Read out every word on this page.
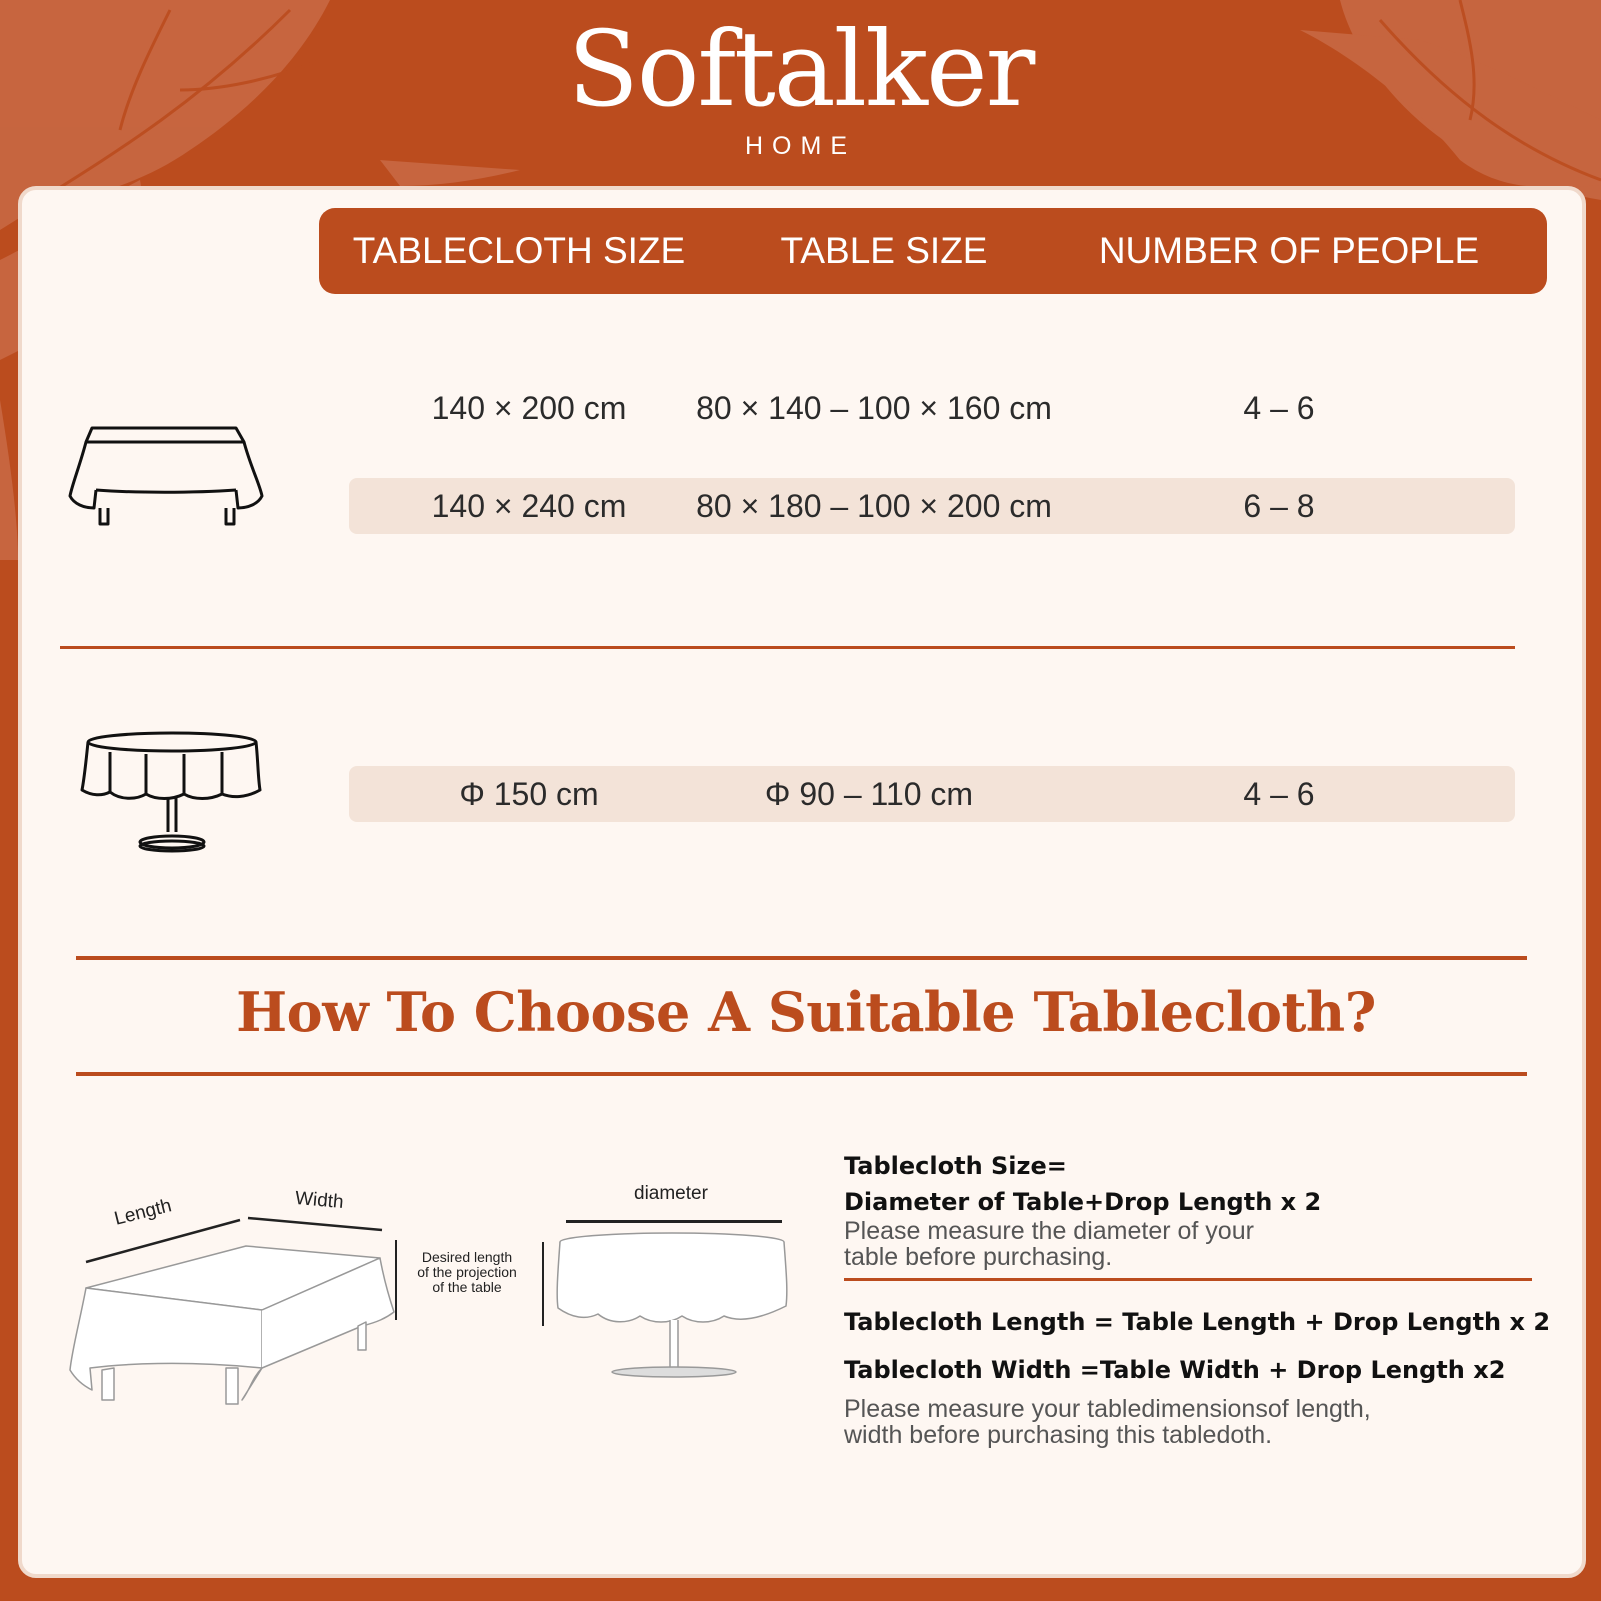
Softalker
HOME
TABLECLOTH SIZE	TABLE SIZE	NUMBER OF PEOPLE
140 × 200 cm	80 × 140 – 100 × 160 cm	4 – 6
140 × 240 cm	80 × 180 – 100 × 200 cm	6 – 8
Φ 150 cm	Φ 90 – 110 cm	4 – 6
How To Choose A Suitable Tablecloth?
Length	Width
Desired length
of the projection
of the table
diameter
Tablecloth Size=
Diameter of Table+Drop Length x 2
Please measure the diameter of your
table before purchasing.
Tablecloth Length = Table Length + Drop Length x 2
Tablecloth Width =Table Width + Drop Length x2
Please measure your tabledimensionsof length,
width before purchasing this tabledoth.
